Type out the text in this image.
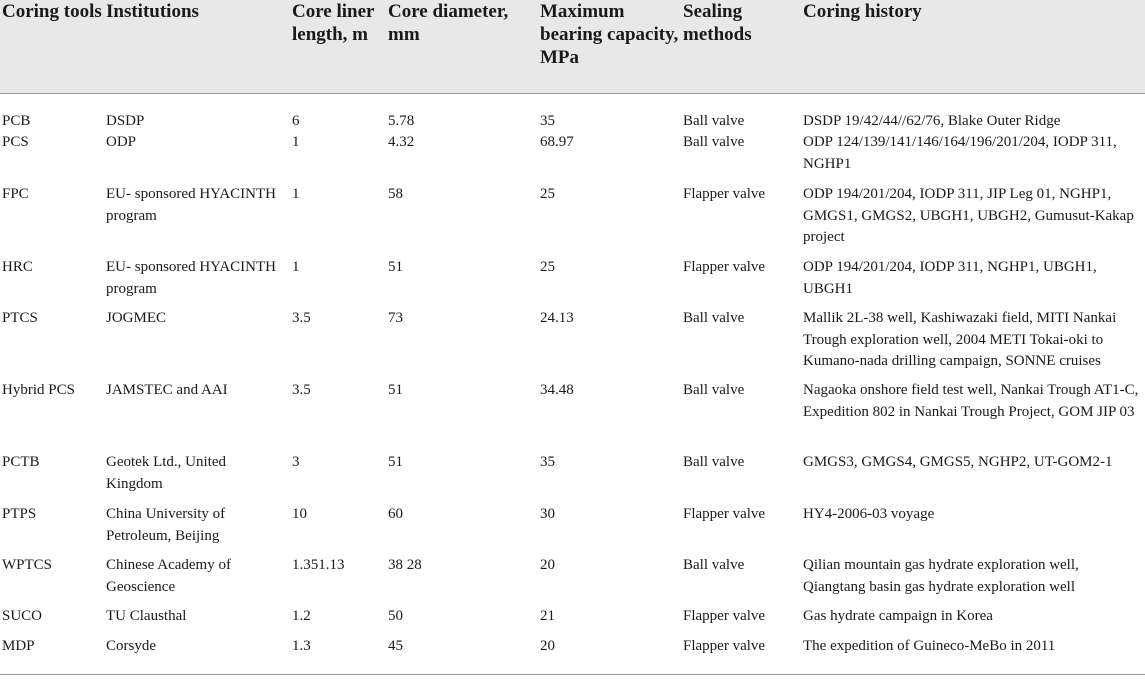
Coring tools	Institutions	Core liner length, m	Core diameter, mm	Maximum bearing capacity, MPa	Sealing methods	Coring history
PCB	DSDP	6	5.78	35	Ball valve	DSDP 19/42/44//62/76, Blake Outer Ridge
PCS	ODP	1	4.32	68.97	Ball valve	ODP 124/139/141/146/164/196/201/204, IODP 311, NGHP1
FPC	EU- sponsored HYACINTH program	1	58	25	Flapper valve	ODP 194/201/204, IODP 311, JIP Leg 01, NGHP1, GMGS1, GMGS2, UBGH1, UBGH2, Gumusut-Kakap project
HRC	EU- sponsored HYACINTH program	1	51	25	Flapper valve	ODP 194/201/204, IODP 311, NGHP1, UBGH1, UBGH1
PTCS	JOGMEC	3.5	73	24.13	Ball valve	Mallik 2L-38 well, Kashiwazaki field, MITI Nankai Trough exploration well, 2004 METI Tokai-oki to Kumano-nada drilling campaign, SONNE cruises
Hybrid PCS	JAMSTEC and AAI	3.5	51	34.48	Ball valve	Nagaoka onshore field test well, Nankai Trough AT1-C, Expedition 802 in Nankai Trough Project, GOM JIP 03
PCTB	Geotek Ltd., United Kingdom	3	51	35	Ball valve	GMGS3, GMGS4, GMGS5, NGHP2, UT-GOM2-1
PTPS	China University of Petroleum, Beijing	10	60	30	Flapper valve	HY4-2006-03 voyage
WPTCS	Chinese Academy of Geoscience	1.351.13	38 28	20	Ball valve	Qilian mountain gas hydrate exploration well, Qiangtang basin gas hydrate exploration well
SUCO	TU Clausthal	1.2	50	21	Flapper valve	Gas hydrate campaign in Korea
MDP	Corsyde	1.3	45	20	Flapper valve	The expedition of Guineco-MeBo in 2011
